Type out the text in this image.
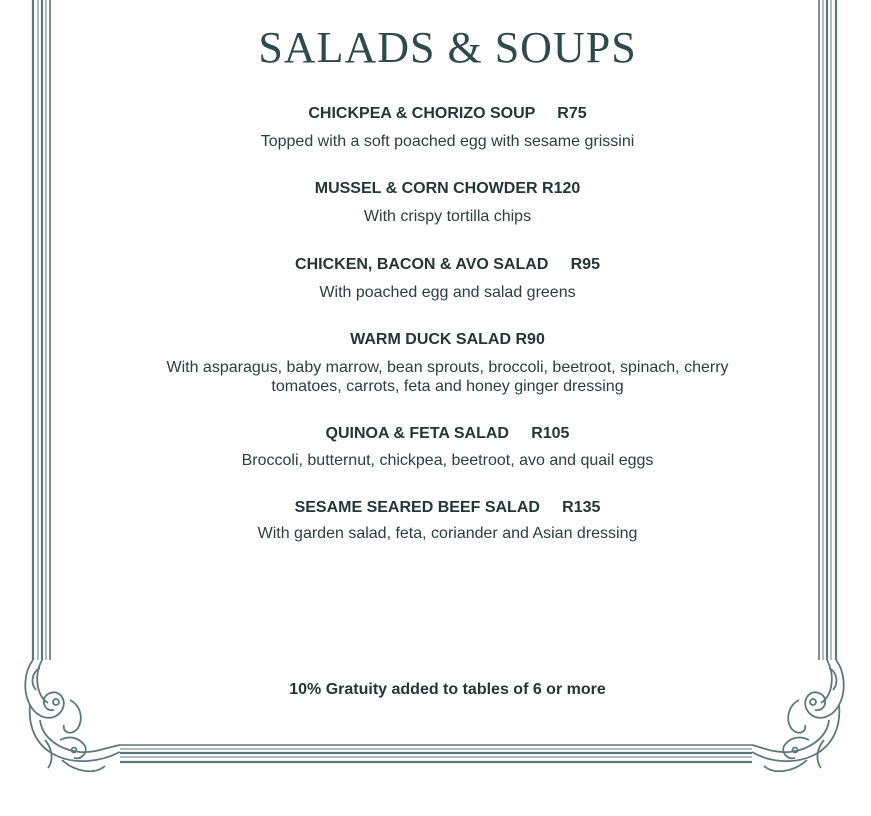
SALADS & SOUPS
CHICKPEA & CHORIZO SOUP R75
Topped with a soft poached egg with sesame grissini
MUSSEL & CORN CHOWDER R120
With crispy tortilla chips
CHICKEN, BACON & AVO SALAD R95
With poached egg and salad greens
WARM DUCK SALAD R90
With asparagus, baby marrow, bean sprouts, broccoli, beetroot, spinach, cherry tomatoes, carrots, feta and honey ginger dressing
QUINOA & FETA SALAD R105
Broccoli, butternut, chickpea, beetroot, avo and quail eggs
SESAME SEARED BEEF SALAD R135
With garden salad, feta, coriander and Asian dressing
10% Gratuity added to tables of 6 or more
